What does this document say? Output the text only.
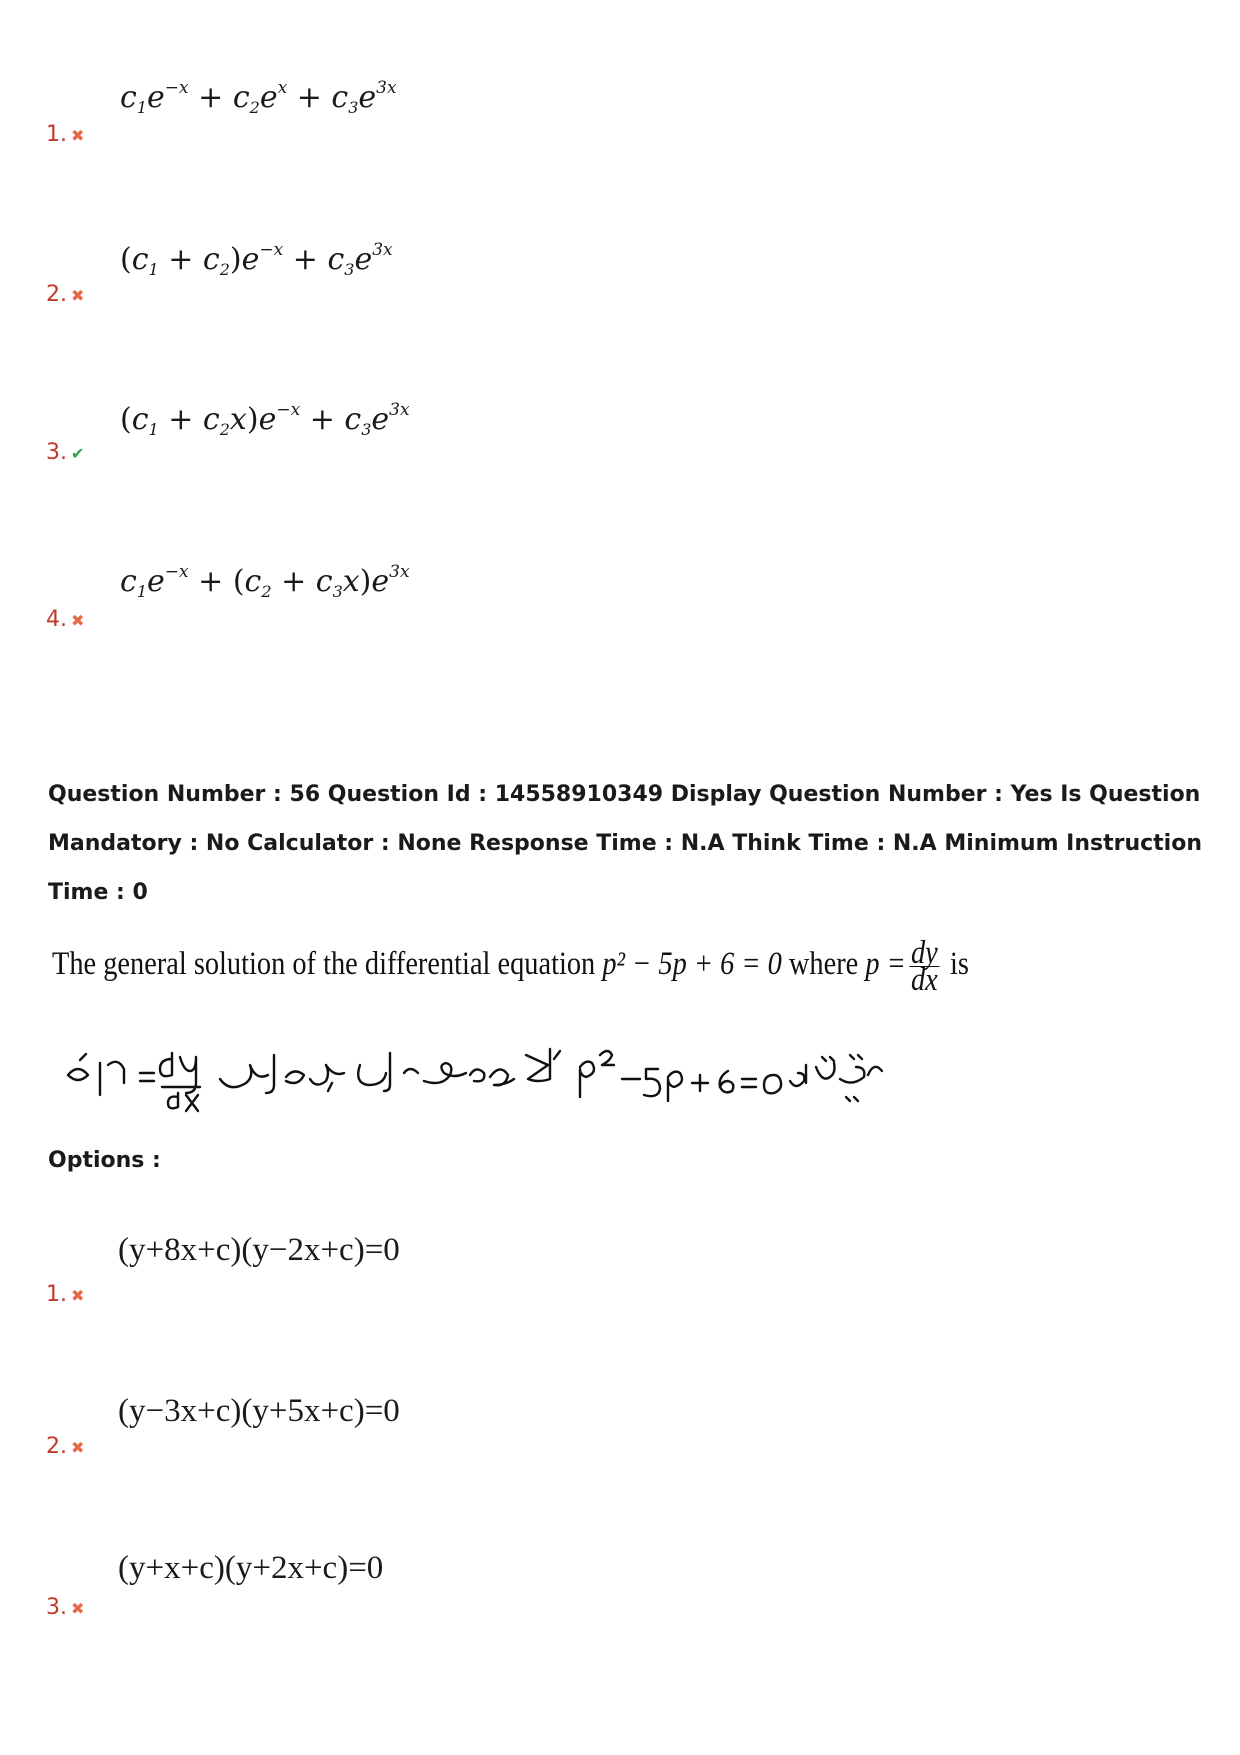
$c_1e^{-x} + c_2e^x + c_3e^{3x}$
1. ✖
$(c_1 + c_2)e^{-x} + c_3e^{3x}$
2. ✖
$(c_1 + c_2x)e^{-x} + c_3e^{3x}$
3. ✔
$c_1e^{-x} + (c_2 + c_3x)e^{3x}$
4. ✖
Question Number : 56 Question Id : 14558910349 Display Question Number : Yes Is Question Mandatory : No Calculator : None Response Time : N.A Think Time : N.A Minimum Instruction Time : 0
The general solution of the differential equation p² − 5p + 6 = 0 where $p = \frac{dy}{dx}$ is
Options :
(y+8x+c)(y−2x+c)=0
1. ✖
(y−3x+c)(y+5x+c)=0
2. ✖
(y+x+c)(y+2x+c)=0
3. ✖
